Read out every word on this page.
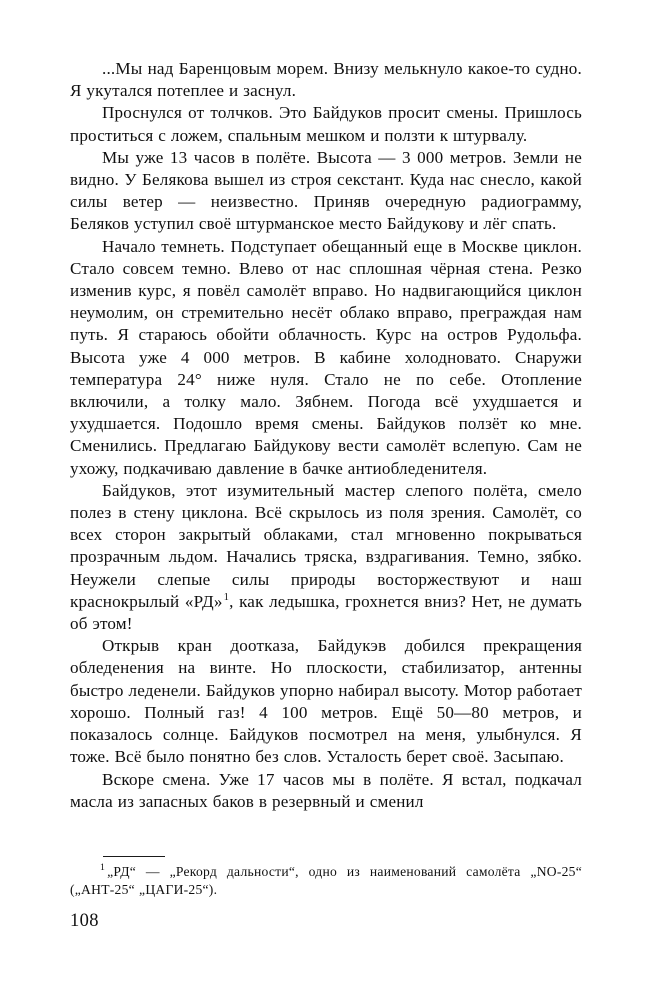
...Мы над Баренцовым морем. Внизу мелькнуло какое-то судно. Я укутался потеплее и заснул.

Проснулся от толчков. Это Байдуков просит смены. Пришлось проститься с ложем, спальным мешком и ползти к штурвалу.

Мы уже 13 часов в полёте. Высота — 3 000 метров. Земли не видно. У Белякова вышел из строя секстант. Куда нас снесло, какой силы ветер — неизвестно. Приняв очередную радиограмму, Беляков уступил своё штурманское место Байдукову и лёг спать.

Начало темнеть. Подступает обещанный еще в Москве циклон. Стало совсем темно. Влево от нас сплошная чёрная стена. Резко изменив курс, я повёл самолёт вправо. Но надвигающийся циклон неумолим, он стремительно несёт облако вправо, преграждая нам путь. Я стараюсь обойти облачность. Курс на остров Рудольфа. Высота уже 4 000 метров. В кабине холодновато. Снаружи температура 24° ниже нуля. Стало не по себе. Отопление включили, а толку мало. Зябнем. Погода всё ухудшается и ухудшается. Подошло время смены. Байдуков ползёт ко мне. Сменились. Предлагаю Байдукову вести самолёт вслепую. Сам не ухожу, подкачиваю давление в бачке антиобледенителя.

Байдуков, этот изумительный мастер слепого полёта, смело полез в стену циклона. Всё скрылось из поля зрения. Самолёт, со всех сторон закрытый облаками, стал мгновенно покрываться прозрачным льдом. Начались тряска, вздрагивания. Темно, зябко. Неужели слепые силы природы восторжествуют и наш краснокрылый «РД»$^1$, как ледышка, грохнется вниз? Нет, не думать об этом!

Открыв кран доотказа, Байдукэв добился прекращения обледенения на винте. Но плоскости, стабилизатор, антенны быстро леденели. Байдуков упорно набирал высоту. Мотор работает хорошо. Полный газ! 4 100 метров. Ещё 50—80 метров, и показалось солнце. Байдуков посмотрел на меня, улыбнулся. Я тоже. Всё было понятно без слов. Усталость берет своё. Засыпаю.

Вскоре смена. Уже 17 часов мы в полёте. Я встал, подкачал масла из запасных баков в резервный и сменил

$^1$ „РД“ — „Рекорд дальности“, одно из наименований самолёта „NO-25“ („АНТ-25“ „ЦАГИ-25“).

108
